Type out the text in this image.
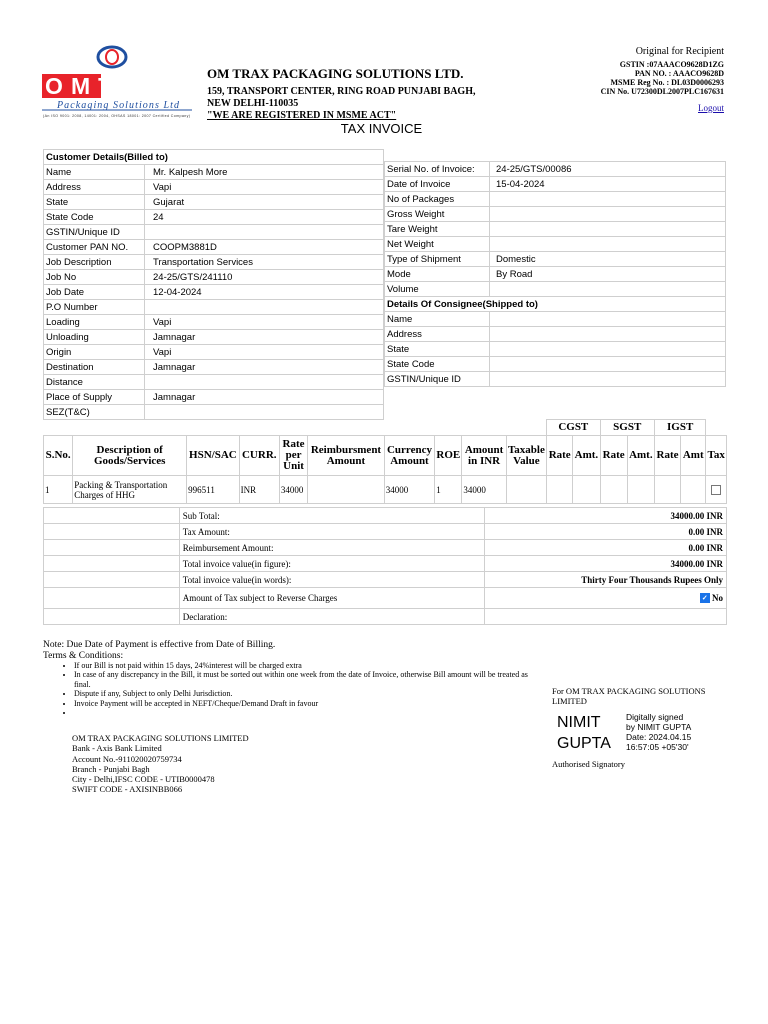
OMTRAX
Packaging Solutions Ltd
(An ISO 9001: 2008, 14001: 2004, OHSAS 18001: 2007 Certified Company)
OM TRAX PACKAGING SOLUTIONS LTD.
159, TRANSPORT CENTER, RING ROAD PUNJABI BAGH,
NEW DELHI-110035
"WE ARE REGISTERED IN MSME ACT"
Original for Recipient
GSTIN :07AAACO9628D1ZG
PAN NO. : AAACO9628D
MSME Reg No. : DL03D0006293
CIN No. U72300DL2007PLC167631
Logout
TAX INVOICE
Customer Details(Billed to)	
Name	Mr. Kalpesh More
Address	Vapi
State	Gujarat
State Code	24
GSTIN/Unique ID	
Customer PAN NO.	COOPM3881D
Job Description	Transportation Services
Job No	24-25/GTS/241110
Job Date	12-04-2024
P.O Number	
Loading	Vapi
Unloading	Jamnagar
Origin	Vapi
Destination	Jamnagar
Distance	
Place of Supply	Jamnagar
SEZ(T&C)	
Serial No. of Invoice:	24-25/GTS/00086
Date of Invoice	15-04-2024
No of Packages	
Gross Weight	
Tare Weight	
Net Weight	
Type of Shipment	Domestic
Mode	By Road
Volume	
Details Of Consignee(Shipped to)	
Name	
Address	
State	
State Code	
GSTIN/Unique ID	
										CGST		SGST		IGST		
S.No.	Description of Goods/Services	HSN/SAC	CURR.	Rate per Unit	Reimbursment Amount	Currency Amount	ROE	Amount in INR	Taxable Value	Rate	Amt.	Rate	Amt.	Rate	Amt	Tax
1	Packing & Transportation Charges of HHG	996511	INR	34000		34000	1	34000								
	Sub Total:	34000.00 INR
	Tax Amount:	0.00 INR
	Reimbursement Amount:	0.00 INR
	Total invoice value(in figure):	34000.00 INR
	Total invoice value(in words):	Thirty Four Thousands Rupees Only
	Amount of Tax subject to Reverse Charges	✓ No
	Declaration:	
Note: Due Date of Payment is effective from Date of Billing.
Terms & Conditions:
• If our Bill is not paid within 15 days, 24%interest will be charged extra
• In case of any discrepancy in the Bill, it must be sorted out within one week from the date of Invoice, otherwise Bill amount will be treated as final.
• Dispute if any, Subject to only Delhi Jurisdiction.
• Invoice Payment will be accepted in NEFT/Cheque/Demand Draft in favour
•
OM TRAX PACKAGING SOLUTIONS LIMITED
Bank - Axis Bank Limited
Account No.-911020020759734
Branch - Punjabi Bagh
City - Delhi,IFSC CODE - UTIB0000478
SWIFT CODE - AXISINBB066
For OM TRAX PACKAGING SOLUTIONS LIMITED
NIMIT
GUPTA
Digitally signed
by NIMIT GUPTA
Date: 2024.04.15
16:57:05 +05'30'
Authorised Signatory
